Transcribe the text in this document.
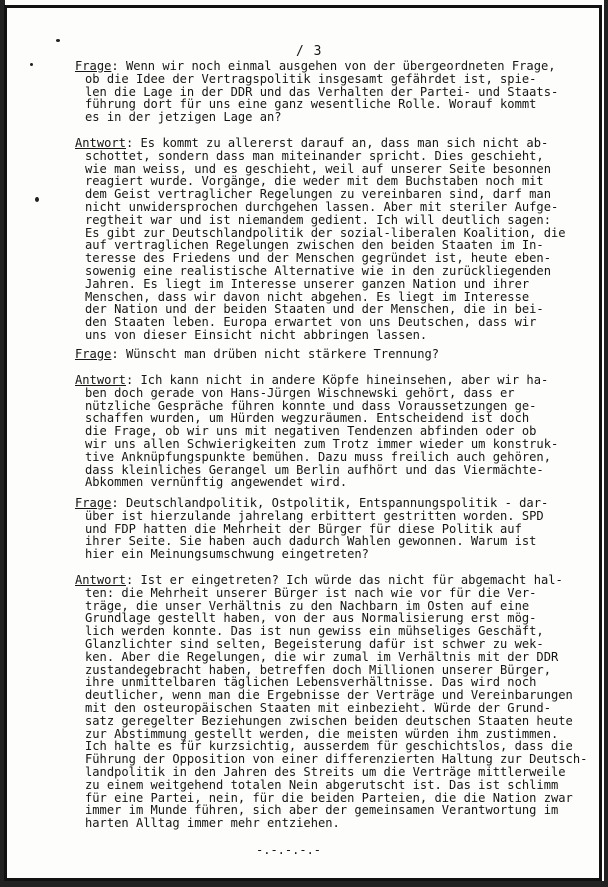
/ 3
Frage: Wenn wir noch einmal ausgehen von der übergeordneten Frage,
ob die Idee der Vertragspolitik insgesamt gefährdet ist, spie-
len die Lage in der DDR und das Verhalten der Partei- und Staats-
führung dort für uns eine ganz wesentliche Rolle. Worauf kommt
es in der jetzigen Lage an?
Antwort: Es kommt zu allererst darauf an, dass man sich nicht ab-
schottet, sondern dass man miteinander spricht. Dies geschieht,
wie man weiss, und es geschieht, weil auf unserer Seite besonnen
reagiert wurde. Vorgänge, die weder mit dem Buchstaben noch mit
dem Geist vertraglicher Regelungen zu vereinbaren sind, darf man
nicht unwidersprochen durchgehen lassen. Aber mit steriler Aufge-
regtheit war und ist niemandem gedient. Ich will deutlich sagen:
Es gibt zur Deutschlandpolitik der sozial-liberalen Koalition, die
auf vertraglichen Regelungen zwischen den beiden Staaten im In-
teresse des Friedens und der Menschen gegründet ist, heute eben-
sowenig eine realistische Alternative wie in den zurückliegenden
Jahren. Es liegt im Interesse unserer ganzen Nation und ihrer
Menschen, dass wir davon nicht abgehen. Es liegt im Interesse
der Nation und der beiden Staaten und der Menschen, die in bei-
den Staaten leben. Europa erwartet von uns Deutschen, dass wir
uns von dieser Einsicht nicht abbringen lassen.
Frage: Wünscht man drüben nicht stärkere Trennung?
Antwort: Ich kann nicht in andere Köpfe hineinsehen, aber wir ha-
ben doch gerade von Hans-Jürgen Wischnewski gehört, dass er
nützliche Gespräche führen konnte und dass Voraussetzungen ge-
schaffen wurden, um Hürden wegzuräumen. Entscheidend ist doch
die Frage, ob wir uns mit negativen Tendenzen abfinden oder ob
wir uns allen Schwierigkeiten zum Trotz immer wieder um konstruk-
tive Anknüpfungspunkte bemühen. Dazu muss freilich auch gehören,
dass kleinliches Gerangel um Berlin aufhört und das Viermächte-
Abkommen vernünftig angewendet wird.
Frage: Deutschlandpolitik, Ostpolitik, Entspannungspolitik - dar-
über ist hierzulande jahrelang erbittert gestritten worden. SPD
und FDP hatten die Mehrheit der Bürger für diese Politik auf
ihrer Seite. Sie haben auch dadurch Wahlen gewonnen. Warum ist
hier ein Meinungsumschwung eingetreten?
Antwort: Ist er eingetreten? Ich würde das nicht für abgemacht hal-
ten: die Mehrheit unserer Bürger ist nach wie vor für die Ver-
träge, die unser Verhältnis zu den Nachbarn im Osten auf eine
Grundlage gestellt haben, von der aus Normalisierung erst mög-
lich werden konnte. Das ist nun gewiss ein mühseliges Geschäft,
Glanzlichter sind selten, Begeisterung dafür ist schwer zu wek-
ken. Aber die Regelungen, die wir zumal im Verhältnis mit der DDR
zustandegebracht haben, betreffen doch Millionen unserer Bürger,
ihre unmittelbaren täglichen Lebensverhältnisse. Das wird noch
deutlicher, wenn man die Ergebnisse der Verträge und Vereinbarungen
mit den osteuropäischen Staaten mit einbezieht. Würde der Grund-
satz geregelter Beziehungen zwischen beiden deutschen Staaten heute
zur Abstimmung gestellt werden, die meisten würden ihm zustimmen.
Ich halte es für kurzsichtig, ausserdem für geschichtslos, dass die
Führung der Opposition von einer differenzierten Haltung zur Deutsch-
landpolitik in den Jahren des Streits um die Verträge mittlerweile
zu einem weitgehend totalen Nein abgerutscht ist. Das ist schlimm
für eine Partei, nein, für die beiden Parteien, die die Nation zwar
immer im Munde führen, sich aber der gemeinsamen Verantwortung im
harten Alltag immer mehr entziehen.
-.-.-.-.-
